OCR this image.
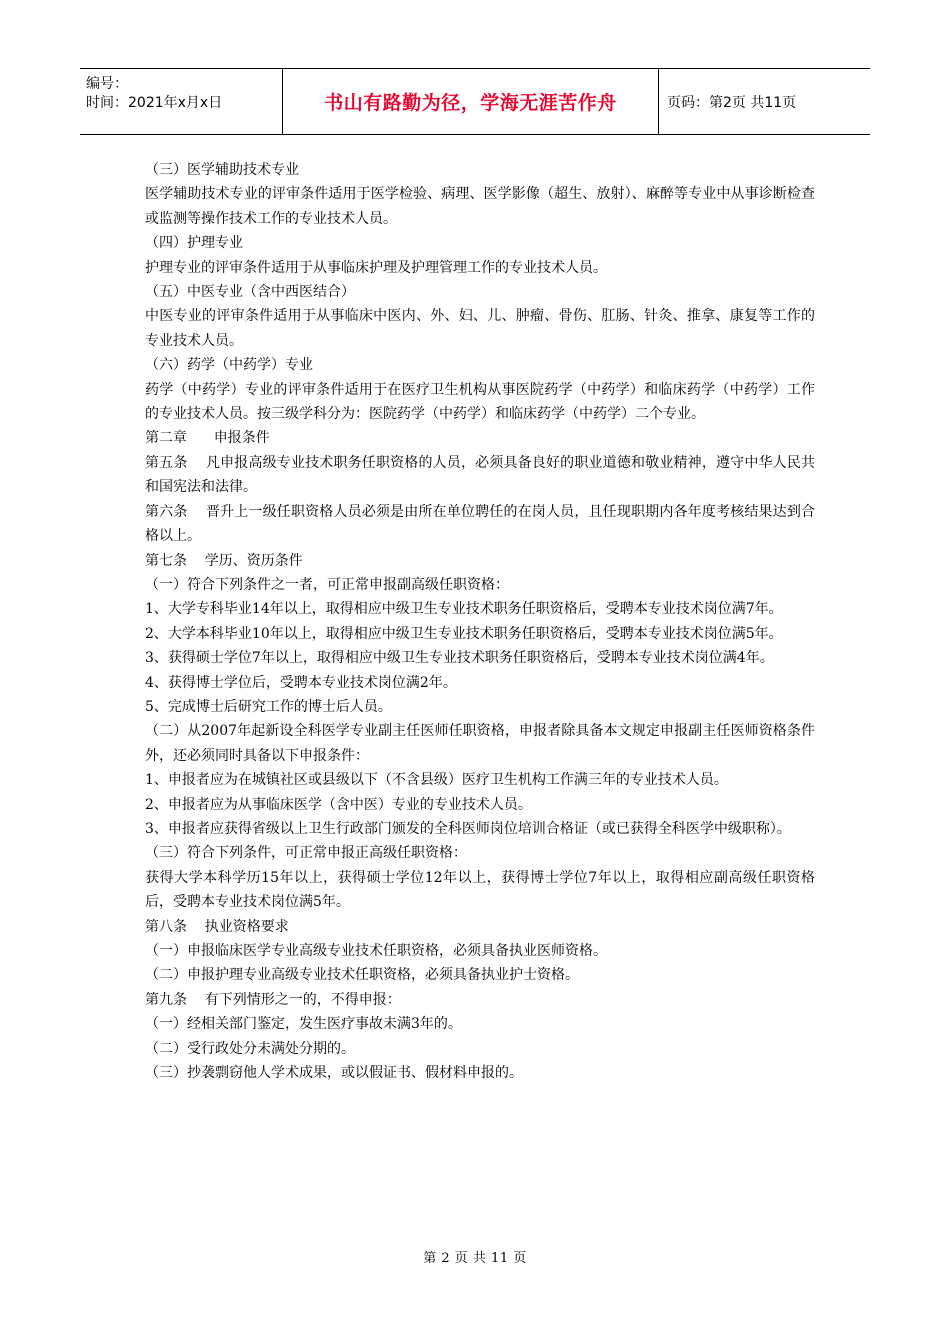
编号：
时间：2021年x月x日	书山有路勤为径，学海无涯苦作舟	页码：第2页 共11页

（三）医学辅助技术专业

医学辅助技术专业的评审条件适用于医学检验、病理、医学影像（超生、放射）、麻醉等专业中从事诊断检查或监测等操作技术工作的专业技术人员。

（四）护理专业

护理专业的评审条件适用于从事临床护理及护理管理工作的专业技术人员。

（五）中医专业（含中西医结合）

中医专业的评审条件适用于从事临床中医内、外、妇、儿、肿瘤、骨伤、肛肠、针灸、推拿、康复等工作的专业技术人员。

（六）药学（中药学）专业

药学（中药学）专业的评审条件适用于在医疗卫生机构从事医院药学（中药学）和临床药学（中药学）工作的专业技术人员。按三级学科分为：医院药学（中药学）和临床药学（中药学）二个专业。

第二章      申报条件

第五条    凡申报高级专业技术职务任职资格的人员，必须具备良好的职业道德和敬业精神，遵守中华人民共和国宪法和法律。

第六条    晋升上一级任职资格人员必须是由所在单位聘任的在岗人员，且任现职期内各年度考核结果达到合格以上。

第七条    学历、资历条件

（一）符合下列条件之一者，可正常申报副高级任职资格：

1、大学专科毕业14年以上，取得相应中级卫生专业技术职务任职资格后，受聘本专业技术岗位满7年。

2、大学本科毕业10年以上，取得相应中级卫生专业技术职务任职资格后，受聘本专业技术岗位满5年。

3、获得硕士学位7年以上，取得相应中级卫生专业技术职务任职资格后，受聘本专业技术岗位满4年。

4、获得博士学位后，受聘本专业技术岗位满2年。

5、完成博士后研究工作的博士后人员。

（二）从2007年起新设全科医学专业副主任医师任职资格，申报者除具备本文规定申报副主任医师资格条件外，还必须同时具备以下申报条件：

1、申报者应为在城镇社区或县级以下（不含县级）医疗卫生机构工作满三年的专业技术人员。

2、申报者应为从事临床医学（含中医）专业的专业技术人员。

3、申报者应获得省级以上卫生行政部门颁发的全科医师岗位培训合格证（或已获得全科医学中级职称）。

（三）符合下列条件，可正常申报正高级任职资格：

获得大学本科学历15年以上，获得硕士学位12年以上，获得博士学位7年以上，取得相应副高级任职资格后，受聘本专业技术岗位满5年。

第八条    执业资格要求

（一）申报临床医学专业高级专业技术任职资格，必须具备执业医师资格。

（二）申报护理专业高级专业技术任职资格，必须具备执业护士资格。

第九条    有下列情形之一的，不得申报：

（一）经相关部门鉴定，发生医疗事故未满3年的。

（二）受行政处分未满处分期的。

（三）抄袭剽窃他人学术成果，或以假证书、假材料申报的。

第 2 页 共 11 页
